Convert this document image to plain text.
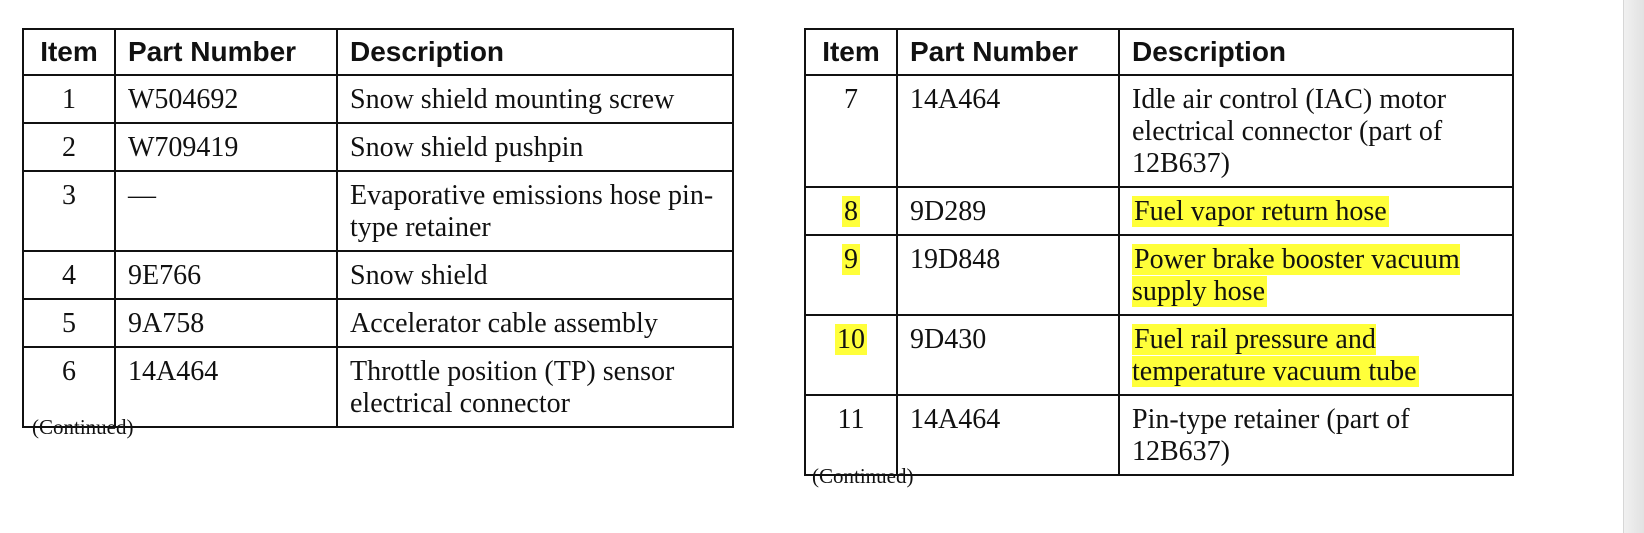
Item	Part Number	Description
1	W504692	Snow shield mounting screw
2	W709419	Snow shield pushpin
3	—	Evaporative emissions hose pin-type retainer
4	9E766	Snow shield
5	9A758	Accelerator cable assembly
6	14A464	Throttle position (TP) sensor electrical connector
(Continued)
Item	Part Number	Description
7	14A464	Idle air control (IAC) motor electrical connector (part of 12B637)
8	9D289	Fuel vapor return hose
9	19D848	Power brake booster vacuum supply hose
10	9D430	Fuel rail pressure and temperature vacuum tube
11	14A464	Pin-type retainer (part of 12B637)
(Continued)
